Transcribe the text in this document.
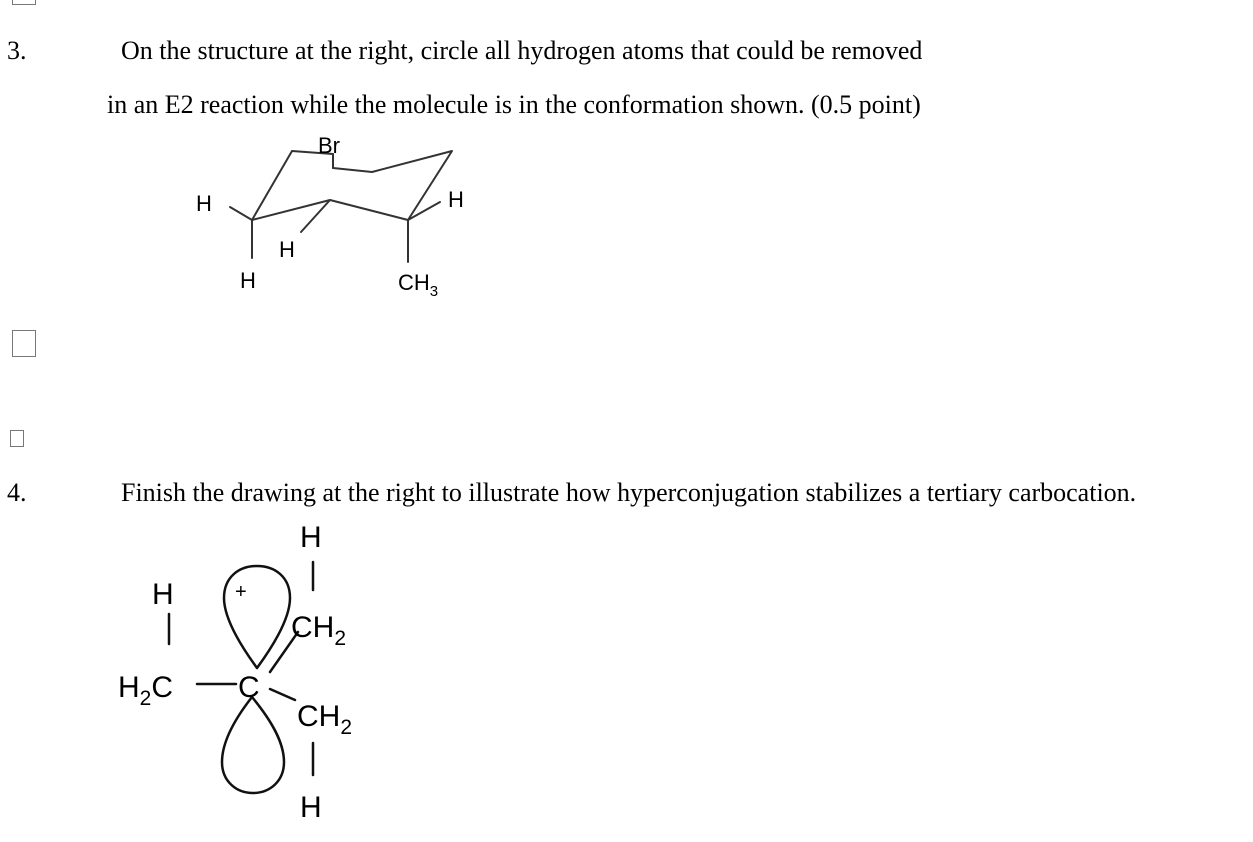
3.	On the structure at the right, circle all hydrogen atoms that could be removed
in an E2 reaction while the molecule is in the conformation shown. (0.5 point)
4.	Finish the drawing at the right to illustrate how hyperconjugation stabilizes a tertiary carbocation.
Br
H	H
H
H	$CH_3$
+
H
H
$CH_2$
$H_2C$ C
$CH_2$
H
